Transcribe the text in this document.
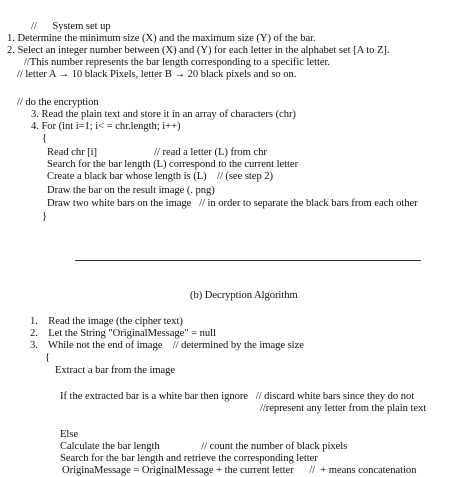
//      System set up
1. Determine the minimum size (X) and the maximum size (Y) of the bar.
2. Select an integer number between (X) and (Y) for each letter in the alphabet set [A to Z].
//This number represents the bar length corresponding to a specific letter.
// letter A → 10 black Pixels, letter B → 20 black pixels and so on.
// do the encryption
3. Read the plain text and store it in an array of characters (chr)
4. For (int i=1; i< = chr.length; i++)
{
Read chr [i]                      // read a letter (L) from chr
Search for the bar length (L) correspond to the current letter
Create a black bar whose length is (L)    // (see step 2)
Draw the bar on the result image (. png)
Draw two white bars on the image   // in order to separate the black bars from each other
}
(b) Decryption Algorithm
1.    Read the image (the cipher text)
2.    Let the String "OriginalMessage" = null
3.    While not the end of image    // determined by the image size
{
Extract a bar from the image
If the extracted bar is a white bar then ignore   // discard white bars since they do not
//represent any letter from the plain text
Else
Calculate the bar length                // count the number of black pixels
Search for the bar length and retrieve the corresponding letter
OriginaMessage = OriginalMessage + the current letter      //  + means concatenation
